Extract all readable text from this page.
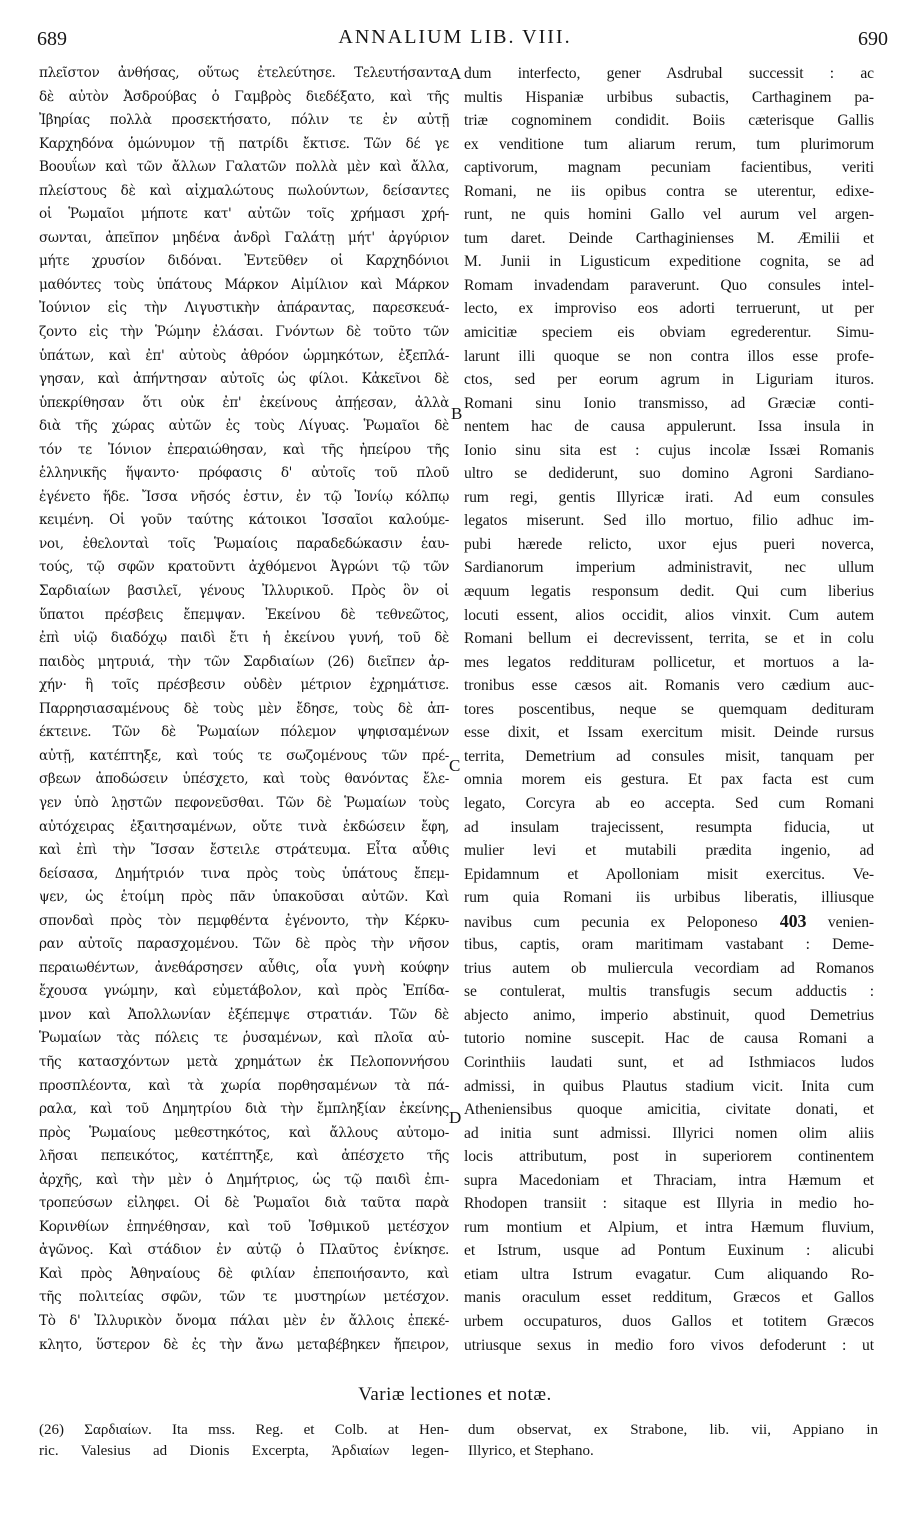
689	ANNALIUM LIB. VIII.	690
πλεῖστον ἀνθήσας, οὕτως ἐτελεύτησε. Τελευτήσαντα
δὲ αὐτὸν Ἀσδρούβας ὁ Γαμβρὸς διεδέξατο, καὶ τῆς
Ἰβηρίας πολλὰ προσεκτήσατο, πόλιν τε ἐν αὐτῇ
Καρχηδόνα ὁμώνυμον τῇ πατρίδι ἔκτισε. Τῶν δέ γε
Βοουΐων καὶ τῶν ἄλλων Γαλατῶν πολλὰ μὲν καὶ ἄλλα,
πλείστους δὲ καὶ αἰχμαλώτους πωλούντων, δείσαντες
οἱ Ῥωμαῖοι μήποτε κατ' αὐτῶν τοῖς χρήμασι χρή-
σωνται, ἀπεῖπον μηδένα ἀνδρὶ Γαλάτῃ μήτ' ἀργύριον
μήτε χρυσίον διδόναι. Ἐντεῦθεν οἱ Καρχηδόνιοι
μαθόντες τοὺς ὑπάτους Μάρκον Αἰμίλιον καὶ Μάρκον
Ἰούνιον εἰς τὴν Λιγυστικὴν ἀπάραντας, παρεσκευά-
ζοντο εἰς τὴν Ῥώμην ἐλάσαι. Γνόντων δὲ τοῦτο τῶν
ὑπάτων, καὶ ἐπ' αὐτοὺς ἀθρόον ὡρμηκότων, ἐξεπλά-
γησαν, καὶ ἀπήντησαν αὐτοῖς ὡς φίλοι. Κἀκεῖνοι δὲ
ὑπεκρίθησαν ὅτι οὐκ ἐπ' ἐκείνους ἀπῄεσαν, ἀλλὰ
διὰ τῆς χώρας αὐτῶν ἐς τοὺς Λίγυας. Ῥωμαῖοι δὲ
τόν τε Ἰόνιον ἐπεραιώθησαν, καὶ τῆς ἠπείρου τῆς
ἑλληνικῆς ἥψαντο· πρόφασις δ' αὐτοῖς τοῦ πλοῦ
ἐγένετο ἥδε. Ἴσσα νῆσός ἐστιν, ἐν τῷ Ἰονίῳ κόλπῳ
κειμένη. Οἱ γοῦν ταύτης κάτοικοι Ἰσσαῖοι καλούμε-
νοι, ἐθελονταὶ τοῖς Ῥωμαίοις παραδεδώκασιν ἑαυ-
τούς, τῷ σφῶν κρατοῦντι ἀχθόμενοι Ἀγρώνι τῷ τῶν
Σαρδιαίων βασιλεῖ, γένους Ἰλλυρικοῦ. Πρὸς ὃν οἱ
ὕπατοι πρέσβεις ἔπεμψαν. Ἐκείνου δὲ τεθνεῶτος,
ἐπὶ υἱῷ διαδόχῳ παιδὶ ἔτι ἡ ἐκείνου γυνή, τοῦ δὲ
παιδὸς μητρυιά, τὴν τῶν Σαρδιαίων (26) διεῖπεν ἀρ-
χήν· ἣ τοῖς πρέσβεσιν οὐδὲν μέτριον ἐχρημάτισε.
Παρρησιασαμένους δὲ τοὺς μὲν ἔδησε, τοὺς δὲ ἀπ-
έκτεινε. Τῶν δὲ Ῥωμαίων πόλεμον ψηφισαμένων
αὐτῇ, κατέπτηξε, καὶ τούς τε σωζομένους τῶν πρέ-
σβεων ἀποδώσειν ὑπέσχετο, καὶ τοὺς θανόντας ἔλε-
γεν ὑπὸ λῃστῶν πεφονεῦσθαι. Τῶν δὲ Ῥωμαίων τοὺς
αὐτόχειρας ἐξαιτησαμένων, οὔτε τινὰ ἐκδώσειν ἔφη,
καὶ ἐπὶ τὴν Ἴσσαν ἔστειλε στράτευμα. Εἶτα αὖθις
δείσασα, Δημήτριόν τινα πρὸς τοὺς ὑπάτους ἔπεμ-
ψεν, ὡς ἑτοίμη πρὸς πᾶν ὑπακοῦσαι αὐτῶν. Καὶ
σπονδαὶ πρὸς τὸν πεμφθέντα ἐγένοντο, τὴν Κέρκυ-
ραν αὐτοῖς παρασχομένου. Τῶν δὲ πρὸς τὴν νῆσον
περαιωθέντων, ἀνεθάρσησεν αὖθις, οἷα γυνὴ κούφην
ἔχουσα γνώμην, καὶ εὐμετάβολον, καὶ πρὸς Ἐπίδα-
μνον καὶ Ἀπολλωνίαν ἐξέπεμψε στρατιάν. Τῶν δὲ
Ῥωμαίων τὰς πόλεις τε ῥυσαμένων, καὶ πλοῖα αὐ-
τῆς κατασχόντων μετὰ χρημάτων ἐκ Πελοποννήσου
προσπλέοντα, καὶ τὰ χωρία πορθησαμένων τὰ πά-
ραλα, καὶ τοῦ Δημητρίου διὰ τὴν ἔμπληξίαν ἐκείνης
πρὸς Ῥωμαίους μεθεστηκότος, καὶ ἄλλους αὐτομο-
λῆσαι πεπεικότος, κατέπτηξε, καὶ ἀπέσχετο τῆς
ἀρχῆς, καὶ τὴν μὲν ὁ Δημήτριος, ὡς τῷ παιδὶ ἐπι-
τροπεύσων εἰληφει. Οἱ δὲ Ῥωμαῖοι διὰ ταῦτα παρὰ
Κορινθίων ἐπηνέθησαν, καὶ τοῦ Ἰσθμικοῦ μετέσχον
ἀγῶνος. Καὶ στάδιον ἐν αὐτῷ ὁ Πλαῦτος ἐνίκησε.
Καὶ πρὸς Ἀθηναίους δὲ φιλίαν ἐπεποιήσαντο, καὶ
τῆς πολιτείας σφῶν, τῶν τε μυστηρίων μετέσχον.
Τὸ δ' Ἰλλυρικὸν ὄνομα πάλαι μὲν ἐν ἄλλοις ἐπεκέ-
κλητο, ὕστερον δὲ ἐς τὴν ἄνω μεταβέβηκεν ἤπειρον,
dum interfecto, gener Asdrubal successit : ac
multis Hispaniæ urbibus subactis, Carthaginem pa-
triæ cognominem condidit. Boiis cæterisque Gallis
ex venditione tum aliarum rerum, tum plurimorum
captivorum, magnam pecuniam facientibus, veriti
Romani, ne iis opibus contra se uterentur, edixe-
runt, ne quis homini Gallo vel aurum vel argen-
tum daret. Deinde Carthaginienses M. Æmilii et
M. Junii in Ligusticum expeditione cognita, se ad
Romam invadendam paraverunt. Quo consules intel-
lecto, ex improviso eos adorti terruerunt, ut per
amicitiæ speciem eis obviam egrederentur. Simu-
larunt illi quoque se non contra illos esse profe-
ctos, sed per eorum agrum in Liguriam ituros.
Romani sinu Ionio transmisso, ad Græciæ conti-
nentem hac de causa appulerunt. Issa insula in
Ionio sinu sita est : cujus incolæ Issæi Romanis
ultro se dediderunt, suo domino Agroni Sardiano-
rum regi, gentis Illyricæ irati. Ad eum consules
legatos miserunt. Sed illo mortuo, filio adhuc im-
pubi hærede relicto, uxor ejus pueri noverca,
Sardianorum imperium administravit, nec ullum
æquum legatis responsum dedit. Qui cum liberius
locuti essent, alios occidit, alios vinxit. Cum autem
Romani bellum ei decrevissent, territa, se et in colu
mes legatos redditurам pollicetur, et mortuos a la-
tronibus esse cæsos ait. Romanis vero cædium auc-
tores poscentibus, neque se quemquam dedituram
esse dixit, et Issam exercitum misit. Deinde rursus
territa, Demetrium ad consules misit, tanquam per
omnia morem eis gestura. Et pax facta est cum
legato, Corcyra ab eo accepta. Sed cum Romani
ad insulam trajecissent, resumpta fiducia, ut
mulier levi et mutabili prædita ingenio, ad
Epidamnum et Apolloniam misit exercitus. Ve-
rum quia Romani iis urbibus liberatis, illiusque
navibus cum pecunia ex Peloponeso 403 venien-
tibus, captis, oram maritimam vastabant : Deme-
trius autem ob muliercula vecordiam ad Romanos
se contulerat, multis transfugis secum adductis :
abjecto animo, imperio abstinuit, quod Demetrius
tutorio nomine suscepit. Hac de causa Romani a
Corinthiis laudati sunt, et ad Isthmiacos ludos
admissi, in quibus Plautus stadium vicit. Inita cum
Atheniensibus quoque amicitia, civitate donati, et
ad initia sunt admissi. Illyrici nomen olim aliis
locis attributum, post in superiorem continentem
supra Macedoniam et Thraciam, intra Hæmum et
Rhodopen transiit : sitaque est Illyria in medio ho-
rum montium et Alpium, et intra Hæmum fluvium,
et Istrum, usque ad Pontum Euxinum : alicubi
etiam ultra Istrum evagatur. Cum aliquando Ro-
manis oraculum esset redditum, Græcos et Gallos
urbem occupaturos, duos Gallos et totitem Græcos
utriusque sexus in medio foro vivos defoderunt : ut
A
B
C
D
Variæ lectiones et notæ.
(26) Σαρδιαίων. Ita mss. Reg. et Colb. at Hen-
ric. Valesius ad Dionis Excerpta, Ἀρδιαίων legen-
dum observat, ex Strabone, lib. vii, Appiano in
Illyrico, et Stephano.
